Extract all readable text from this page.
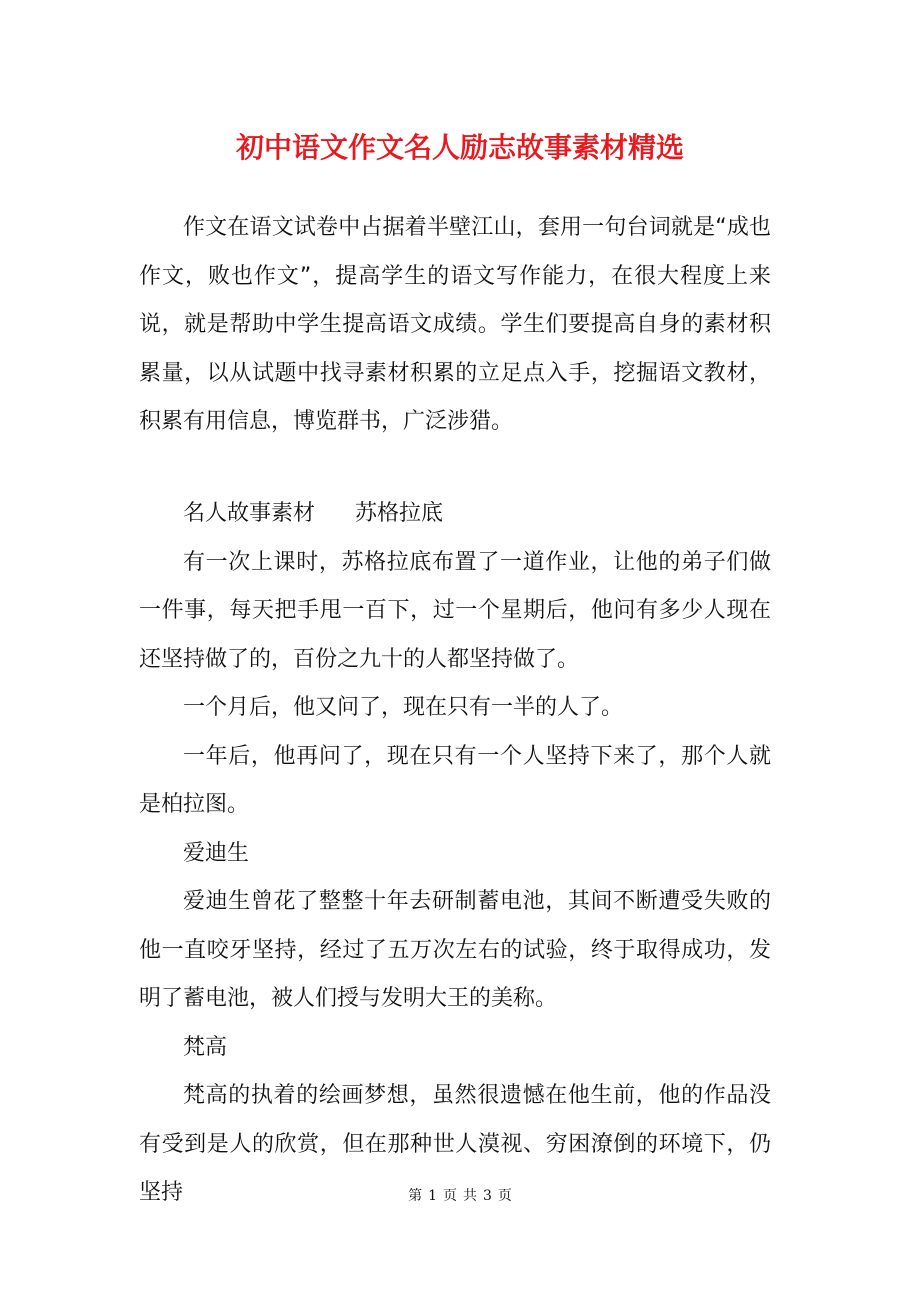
初中语文作文名人励志故事素材精选

作文在语文试卷中占据着半壁江山，套用一句台词就是“成也作文，败也作文”，提高学生的语文写作能力，在很大程度上来说，就是帮助中学生提高语文成绩。学生们要提高自身的素材积累量，以从试题中找寻素材积累的立足点入手，挖掘语文教材，积累有用信息，博览群书，广泛涉猎。

名人故事素材 苏格拉底

有一次上课时，苏格拉底布置了一道作业，让他的弟子们做一件事，每天把手甩一百下，过一个星期后，他问有多少人现在还坚持做了的，百份之九十的人都坚持做了。

一个月后，他又问了，现在只有一半的人了。

一年后，他再问了，现在只有一个人坚持下来了，那个人就是柏拉图。

爱迪生

爱迪生曾花了整整十年去研制蓄电池，其间不断遭受失败的他一直咬牙坚持，经过了五万次左右的试验，终于取得成功，发明了蓄电池，被人们授与发明大王的美称。

梵高

梵高的执着的绘画梦想，虽然很遗憾在他生前，他的作品没有受到是人的欣赏，但在那种世人漠视、穷困潦倒的环境下，仍坚持	第 1 页 共 3 页
